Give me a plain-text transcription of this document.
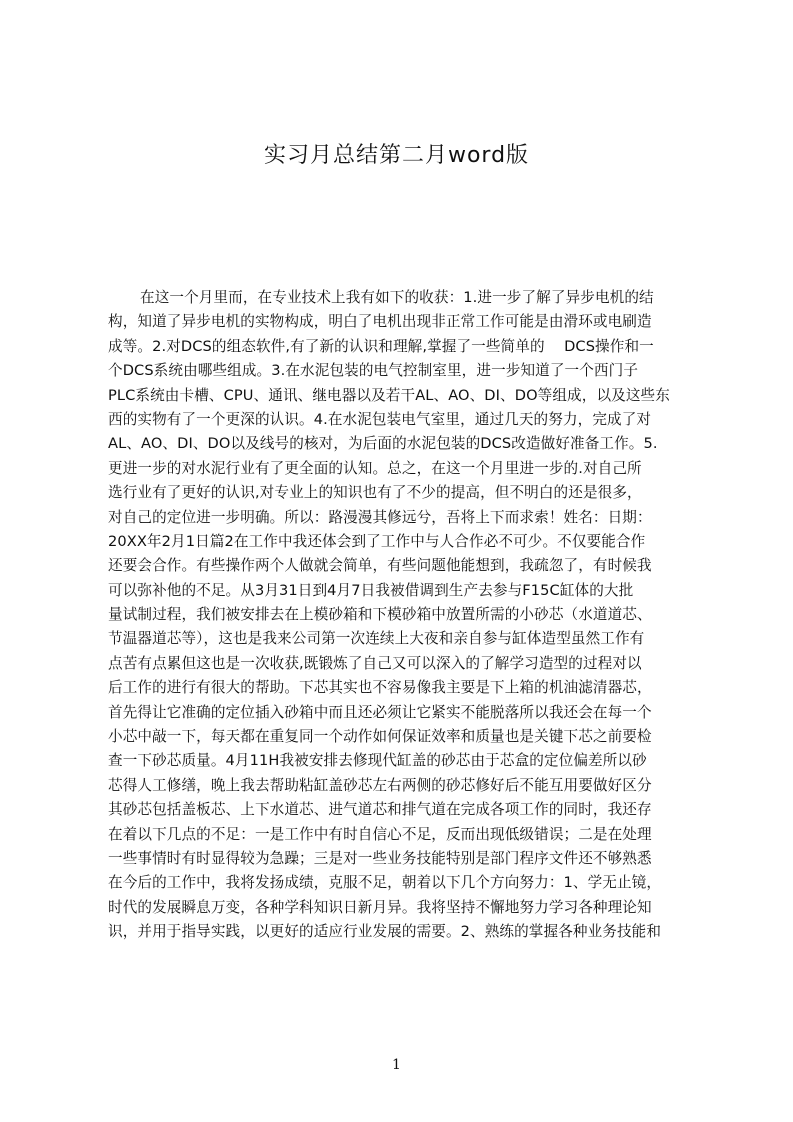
实习月总结第二月word版
在这一个月里而，在专业技术上我有如下的收获：1.进一步了解了异步电机的结
构，知道了异步电机的实物构成，明白了电机出现非正常工作可能是由滑环或电刷造
成等。2.对DCS的组态软件,有了新的认识和理解,掌握了一些简单的　 DCS操作和一
个DCS系统由哪些组成。3.在水泥包装的电气控制室里，进一步知道了一个西门子
PLC系统由卡槽、CPU、通讯、继电器以及若干AL、AO、DI、DO等组成，以及这些东
西的实物有了一个更深的认识。4.在水泥包装电气室里，通过几天的努力，完成了对
AL、AO、DI、DO以及线号的核对，为后面的水泥包装的DCS改造做好准备工作。5.
更进一步的对水泥行业有了更全面的认知。总之，在这一个月里进一步的.对自己所
选行业有了更好的认识,对专业上的知识也有了不少的提高，但不明白的还是很多，
对自己的定位进一步明确。所以：路漫漫其修远兮，吾将上下而求索！姓名：日期：
20XX年2月1日篇2在工作中我还体会到了工作中与人合作必不可少。不仅要能合作
还要会合作。有些操作两个人做就会简单，有些问题他能想到，我疏忽了，有时候我
可以弥补他的不足。从3月31日到4月7日我被借调到生产去参与F15C缸体的大批
量试制过程，我们被安排去在上模砂箱和下模砂箱中放置所需的小砂芯（水道道芯、
节温器道芯等），这也是我来公司第一次连续上大夜和亲自参与缸体造型虽然工作有
点苦有点累但这也是一次收获,既锻炼了自己又可以深入的了解学习造型的过程对以
后工作的进行有很大的帮助。下芯其实也不容易像我主要是下上箱的机油滤清器芯，
首先得让它准确的定位插入砂箱中而且还必须让它紧实不能脱落所以我还会在每一个
小芯中敲一下，每天都在重复同一个动作如何保证效率和质量也是关键下芯之前要检
查一下砂芯质量。4月11H我被安排去修现代缸盖的砂芯由于芯盒的定位偏差所以砂
芯得人工修缮，晚上我去帮助粘缸盖砂芯左右两侧的砂芯修好后不能互用要做好区分
其砂芯包括盖板芯、上下水道芯、进气道芯和排气道在完成各项工作的同时，我还存
在着以下几点的不足：一是工作中有时自信心不足，反而出现低级错误；二是在处理
一些事情时有时显得较为急躁；三是对一些业务技能特别是部门程序文件还不够熟悉
在今后的工作中，我将发扬成绩，克服不足，朝着以下几个方向努力：1、学无止镜，
时代的发展瞬息万变，各种学科知识日新月异。我将坚持不懈地努力学习各种理论知
识，并用于指导实践，以更好的适应行业发展的需要。2、熟练的掌握各种业务技能和
1
